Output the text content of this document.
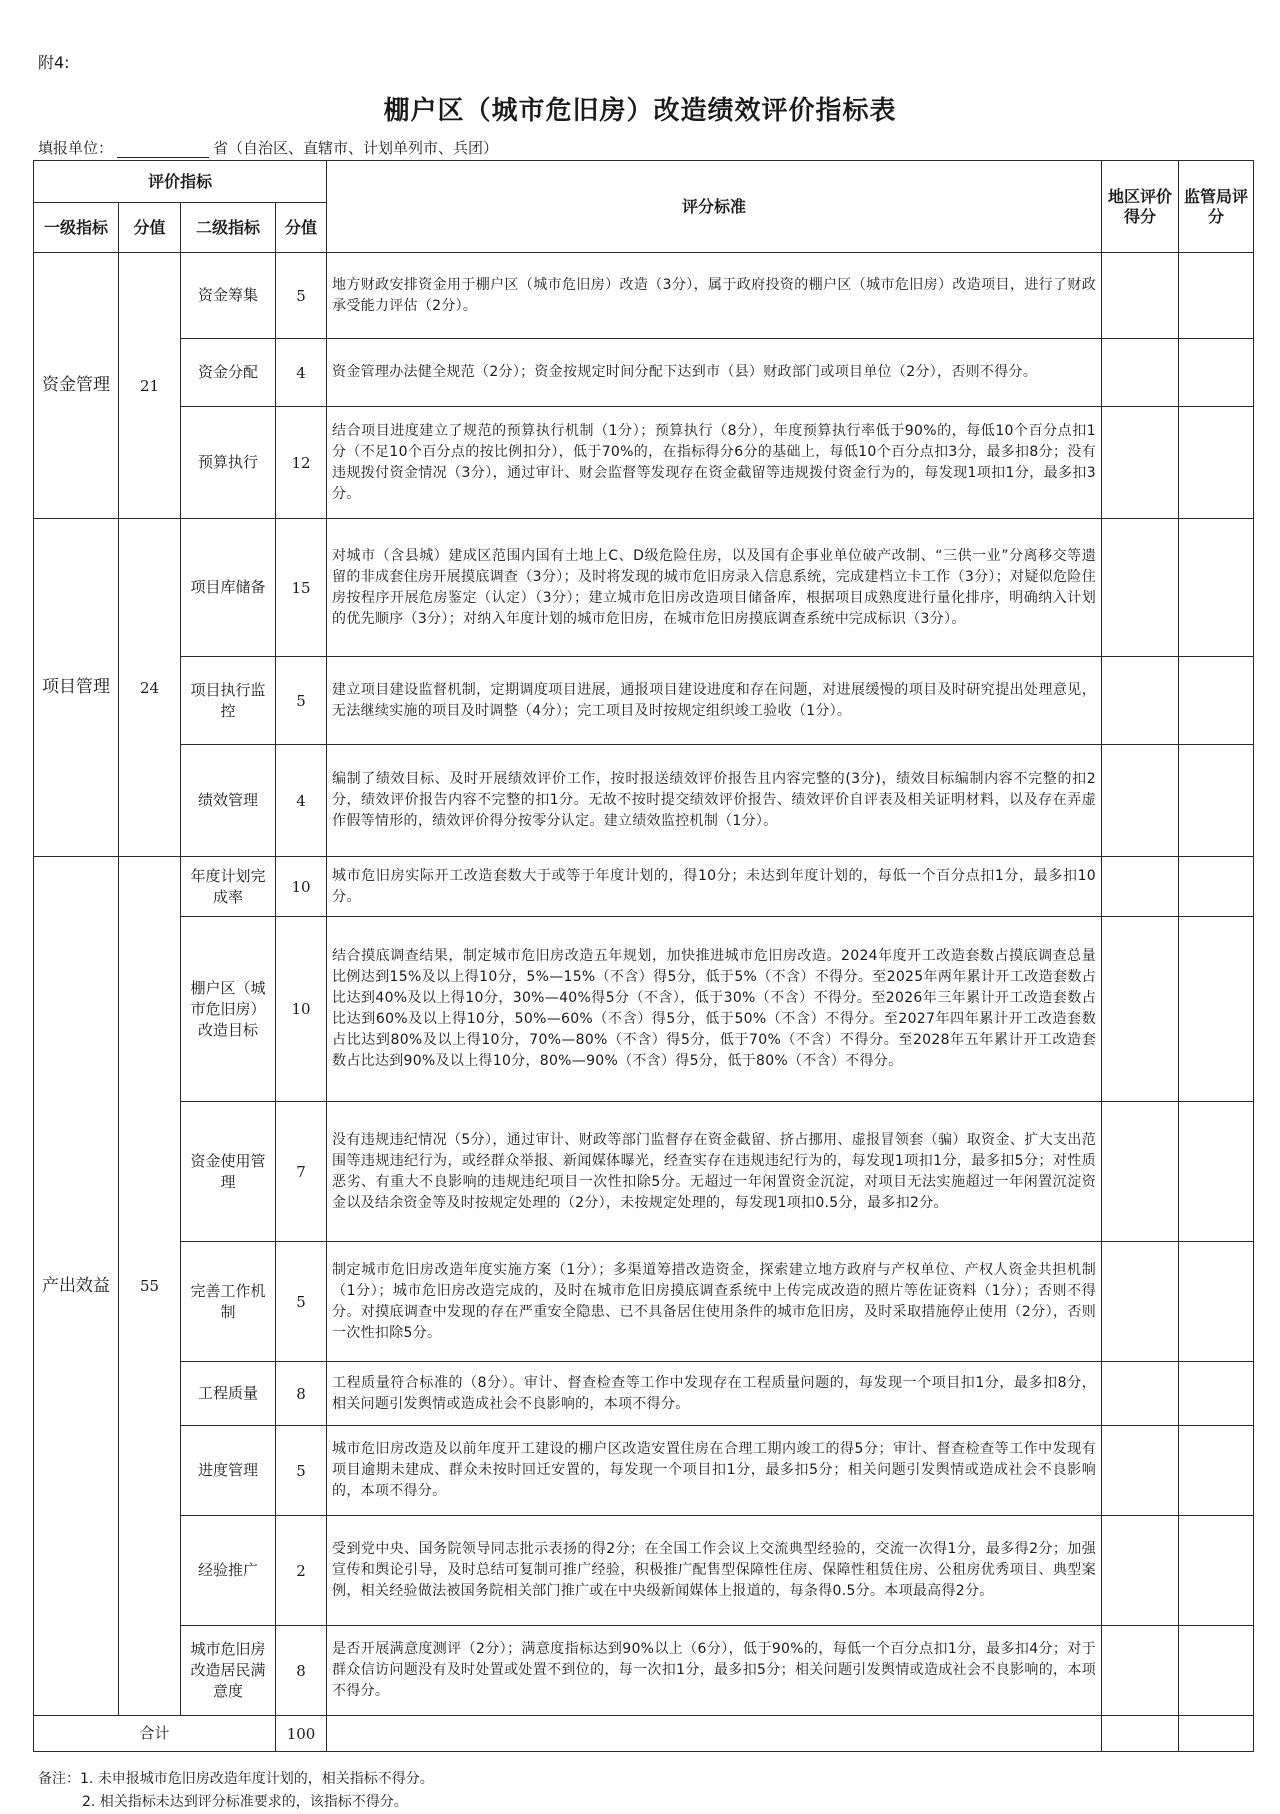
附4:
棚户区（城市危旧房）改造绩效评价指标表
填报单位：	省（自治区、直辖市、计划单列市、兵团）
评价指标				评分标准	地区评价得分	监管局评分
一级指标	分值	二级指标	分值			
资金管理	21	资金筹集	5	地方财政安排资金用于棚户区（城市危旧房）改造（3分），属于政府投资的棚户区（城市危旧房）改造项目，进行了财政承受能力评估（2分）。		
		资金分配	4	资金管理办法健全规范（2分）；资金按规定时间分配下达到市（县）财政部门或项目单位（2分），否则不得分。		
		预算执行	12	结合项目进度建立了规范的预算执行机制（1分）；预算执行（8分），年度预算执行率低于90%的，每低10个百分点扣1分（不足10个百分点的按比例扣分），低于70%的，在指标得分6分的基础上，每低10个百分点扣3分，最多扣8分；没有违规拨付资金情况（3分），通过审计、财会监督等发现存在资金截留等违规拨付资金行为的，每发现1项扣1分，最多扣3分。		
项目管理	24	项目库储备	15	对城市（含县城）建成区范围内国有土地上C、D级危险住房，以及国有企事业单位破产改制、“三供一业”分离移交等遗留的非成套住房开展摸底调查（3分）；及时将发现的城市危旧房录入信息系统，完成建档立卡工作（3分）；对疑似危险住房按程序开展危房鉴定（认定）（3分）；建立城市危旧房改造项目储备库，根据项目成熟度进行量化排序，明确纳入计划的优先顺序（3分）；对纳入年度计划的城市危旧房，在城市危旧房摸底调查系统中完成标识（3分）。		
		项目执行监控	5	建立项目建设监督机制，定期调度项目进展，通报项目建设进度和存在问题，对进展缓慢的项目及时研究提出处理意见，无法继续实施的项目及时调整（4分）；完工项目及时按规定组织竣工验收（1分）。		
		绩效管理	4	编制了绩效目标、及时开展绩效评价工作，按时报送绩效评价报告且内容完整的(3分)，绩效目标编制内容不完整的扣2分，绩效评价报告内容不完整的扣1分。无故不按时提交绩效评价报告、绩效评价自评表及相关证明材料，以及存在弄虚作假等情形的，绩效评价得分按零分认定。建立绩效监控机制（1分）。		
产出效益	55	年度计划完成率	10	城市危旧房实际开工改造套数大于或等于年度计划的，得10分；未达到年度计划的，每低一个百分点扣1分，最多扣10分。		
		棚户区（城市危旧房）改造目标	10	结合摸底调查结果，制定城市危旧房改造五年规划，加快推进城市危旧房改造。2024年度开工改造套数占摸底调查总量比例达到15%及以上得10分，5%—15%（不含）得5分，低于5%（不含）不得分。至2025年两年累计开工改造套数占比达到40%及以上得10分，30%—40%得5分（不含），低于30%（不含）不得分。至2026年三年累计开工改造套数占比达到60%及以上得10分，50%—60%（不含）得5分，低于50%（不含）不得分。至2027年四年累计开工改造套数占比达到80%及以上得10分，70%—80%（不含）得5分，低于70%（不含）不得分。至2028年五年累计开工改造套数占比达到90%及以上得10分，80%—90%（不含）得5分，低于80%（不含）不得分。		
		资金使用管理	7	没有违规违纪情况（5分），通过审计、财政等部门监督存在资金截留、挤占挪用、虚报冒领套（骗）取资金、扩大支出范围等违规违纪行为，或经群众举报、新闻媒体曝光，经查实存在违规违纪行为的，每发现1项扣1分，最多扣5分；对性质恶劣、有重大不良影响的违规违纪项目一次性扣除5分。无超过一年闲置资金沉淀，对项目无法实施超过一年闲置沉淀资金以及结余资金等及时按规定处理的（2分），未按规定处理的，每发现1项扣0.5分，最多扣2分。		
		完善工作机制	5	制定城市危旧房改造年度实施方案（1分）；多渠道筹措改造资金，探索建立地方政府与产权单位、产权人资金共担机制（1分）；城市危旧房改造完成的，及时在城市危旧房摸底调查系统中上传完成改造的照片等佐证资料（1分）；否则不得分。对摸底调查中发现的存在严重安全隐患、已不具备居住使用条件的城市危旧房，及时采取措施停止使用（2分），否则一次性扣除5分。		
		工程质量	8	工程质量符合标准的（8分）。审计、督查检查等工作中发现存在工程质量问题的，每发现一个项目扣1分，最多扣8分，相关问题引发舆情或造成社会不良影响的，本项不得分。		
		进度管理	5	城市危旧房改造及以前年度开工建设的棚户区改造安置住房在合理工期内竣工的得5分；审计、督查检查等工作中发现有项目逾期未建成、群众未按时回迁安置的，每发现一个项目扣1分，最多扣5分；相关问题引发舆情或造成社会不良影响的，本项不得分。		
		经验推广	2	受到党中央、国务院领导同志批示表扬的得2分；在全国工作会议上交流典型经验的，交流一次得1分，最多得2分；加强宣传和舆论引导，及时总结可复制可推广经验，积极推广配售型保障性住房、保障性租赁住房、公租房优秀项目、典型案例，相关经验做法被国务院相关部门推广或在中央级新闻媒体上报道的，每条得0.5分。本项最高得2分。		
		城市危旧房改造居民满意度	8	是否开展满意度测评（2分）；满意度指标达到90%以上（6分），低于90%的，每低一个百分点扣1分，最多扣4分；对于群众信访问题没有及时处置或处置不到位的，每一次扣1分，最多扣5分；相关问题引发舆情或造成社会不良影响的，本项不得分。		
合计			100			
备注：1. 未申报城市危旧房改造年度计划的，相关指标不得分。
2. 相关指标未达到评分标准要求的，该指标不得分。
